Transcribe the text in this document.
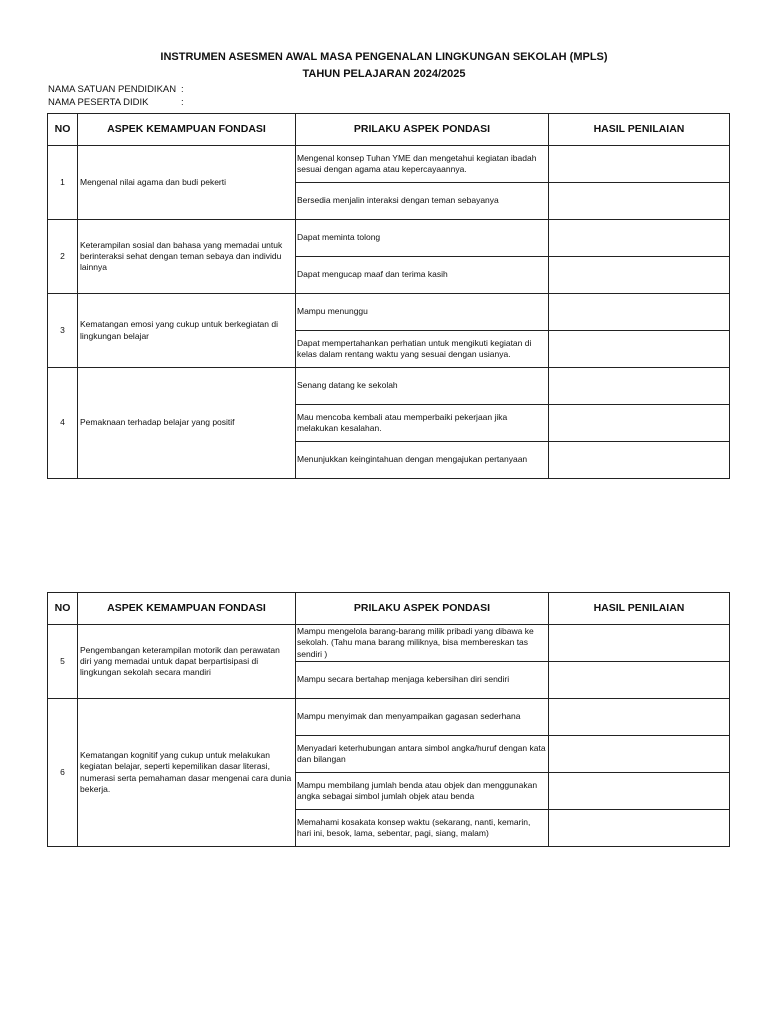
INSTRUMEN ASESMEN AWAL MASA PENGENALAN LINGKUNGAN SEKOLAH (MPLS)
TAHUN PELAJARAN 2024/2025
NAMA SATUAN PENDIDIKAN :
NAMA PESERTA DIDIK	:
NO	ASPEK KEMAMPUAN FONDASI	PRILAKU ASPEK PONDASI	HASIL PENILAIAN
1	Mengenal nilai agama dan budi pekerti	Mengenal konsep Tuhan YME dan mengetahui kegiatan ibadah sesuai dengan agama atau kepercayaannya.	
		Bersedia menjalin interaksi dengan teman sebayanya	
2	Keterampilan sosial dan bahasa yang memadai untuk berinteraksi sehat dengan teman sebaya dan individu lainnya	Dapat meminta tolong	
		Dapat mengucap maaf dan terima kasih	
3	Kematangan emosi yang cukup untuk berkegiatan di lingkungan belajar	Mampu menunggu	
		Dapat mempertahankan perhatian untuk mengikuti kegiatan di kelas dalam rentang waktu yang sesuai dengan usianya.	
4	Pemaknaan terhadap belajar yang positif	Senang datang ke sekolah	
		Mau mencoba kembali atau memperbaiki pekerjaan jika melakukan kesalahan.	
		Menunjukkan keingintahuan dengan mengajukan pertanyaan	
NO	ASPEK KEMAMPUAN FONDASI	PRILAKU ASPEK PONDASI	HASIL PENILAIAN
5	Pengembangan keterampilan motorik dan perawatan diri yang memadai untuk dapat berpartisipasi di lingkungan sekolah secara mandiri	Mampu mengelola barang-barang milik pribadi yang dibawa ke sekolah. (Tahu mana barang miliknya, bisa membereskan tas sendiri )	
		Mampu secara bertahap menjaga kebersihan diri sendiri	
6	Kematangan kognitif yang cukup untuk melakukan kegiatan belajar, seperti kepemilikan dasar literasi, numerasi serta pemahaman dasar mengenai cara dunia bekerja.	Mampu menyimak dan menyampaikan gagasan sederhana	
		Menyadari keterhubungan antara simbol angka/huruf dengan kata dan bilangan	
		Mampu membilang jumlah benda atau objek dan menggunakan angka sebagai simbol jumlah objek atau benda	
		Memahami kosakata konsep waktu (sekarang, nanti, kemarin, hari ini, besok, lama, sebentar, pagi, siang, malam)	
